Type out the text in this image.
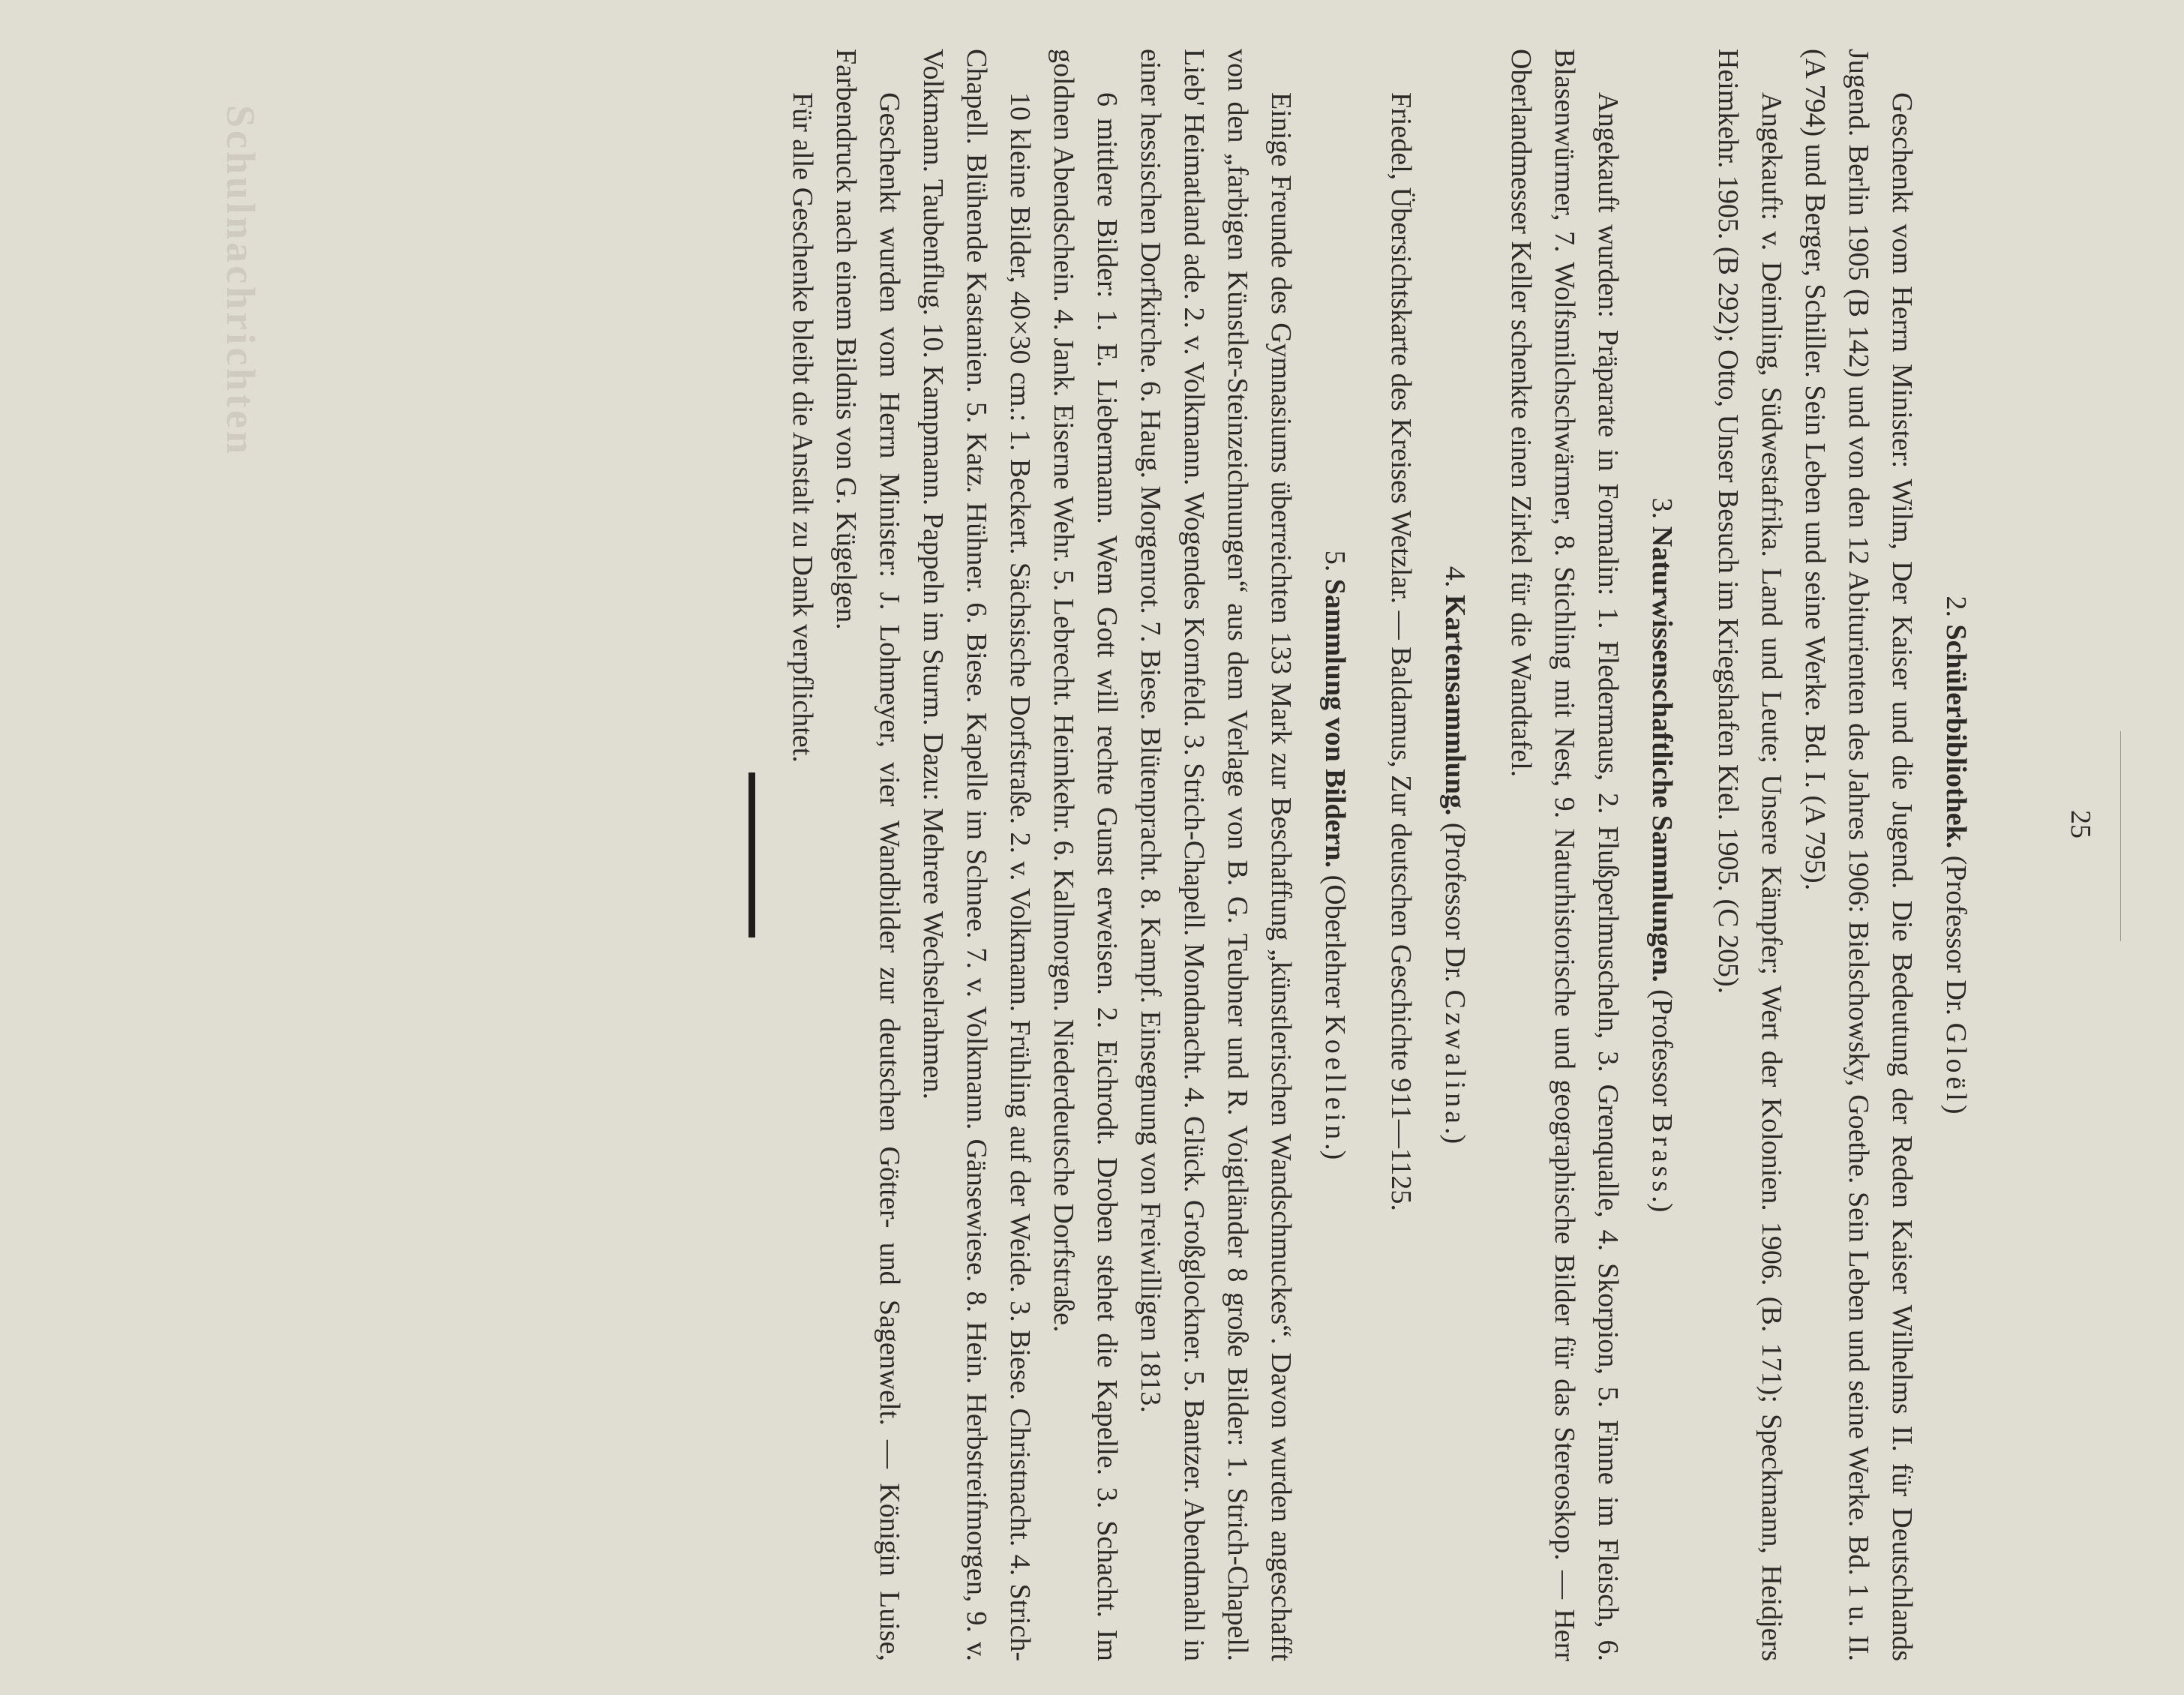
Schulnachrichten
25
2. Schülerbibliothek. (Professor Dr. Gloël)

Geschenkt vom Herrn Minister: Wilm, Der Kaiser und die Jugend. Die Bedeutung der Reden Kaiser Wilhelms II. für Deutschlands Jugend. Berlin 1905 (B 142) und von den 12 Abiturienten des Jahres 1906: Bielschowsky, Goethe. Sein Leben und seine Werke. Bd. 1 u. II. (A 794) und Berger, Schiller. Sein Leben und seine Werke. Bd. I. (A 795).

Angekauft: v. Deimling, Südwestafrika. Land und Leute; Unsere Kämpfer; Wert der Kolonien. 1906. (B. 171); Speckmann, Heidjers Heimkehr. 1905. (B 292); Otto, Unser Besuch im Kriegshafen Kiel. 1905. (C 205).

3. Naturwissenschaftliche Sammlungen. (Professor Brass.)

Angekauft wurden: Präparate in Formalin: 1. Fledermaus, 2. Flußperlmuscheln, 3. Grenqualle, 4. Skorpion, 5. Finne im Fleisch, 6. Blasenwürmer, 7. Wolfsmilchschwärmer, 8. Stichling mit Nest, 9. Naturhistorische und geographische Bilder für das Stereoskop. — Herr Oberlandmesser Keller schenkte einen Zirkel für die Wandtafel.

4. Kartensammlung. (Professor Dr. Czwalina.)

Friedel, Übersichtskarte des Kreises Wetzlar. — Baldamus, Zur deutschen Geschichte 911—1125.

5. Sammlung von Bildern. (Oberlehrer Koellein.)

Einige Freunde des Gymnasiums überreichten 133 Mark zur Beschaffung „künstlerischen Wandschmuckes“. Davon wurden angeschafft von den „farbigen Künstler-Steinzeichnungen“ aus dem Verlage von B. G. Teubner und R. Voigtländer 8 große Bilder: 1. Strich-Chapell. Lieb' Heimatland ade. 2. v. Volkmann. Wogendes Kornfeld. 3. Strich-Chapell. Mondnacht. 4. Glück. Großglockner. 5. Bantzer. Abendmahl in einer hessischen Dorfkirche. 6. Haug. Morgenrot. 7. Biese. Blütenpracht. 8. Kampf. Einsegnung von Freiwilligen 1813.

6 mittlere Bilder: 1. E. Liebermann. Wem Gott will rechte Gunst erweisen. 2. Eichrodt. Droben stehet die Kapelle. 3. Schacht. Im goldnen Abendschein. 4. Jank. Eiserne Wehr. 5. Lebrecht. Heimkehr. 6. Kallmorgen. Niederdeutsche Dorfstraße.

10 kleine Bilder, 40×30 cm.: 1. Beckert. Sächsische Dorfstraße. 2. v. Volkmann. Frühling auf der Weide. 3. Biese. Christnacht. 4. Strich-Chapell. Blühende Kastanien. 5. Katz. Hühner. 6. Biese. Kapelle im Schnee. 7. v. Volkmann. Gänsewiese. 8. Hein. Herbstreifmorgen, 9. v. Volkmann. Taubenflug. 10. Kampmann. Pappeln im Sturm. Dazu: Mehrere Wechselrahmen.

Geschenkt wurden vom Herrn Minister: J. Lohmeyer, vier Wandbilder zur deutschen Götter- und Sagenwelt. — Königin Luise, Farbendruck nach einem Bildnis von G. Kügelgen.

Für alle Geschenke bleibt die Anstalt zu Dank verpflichtet.
